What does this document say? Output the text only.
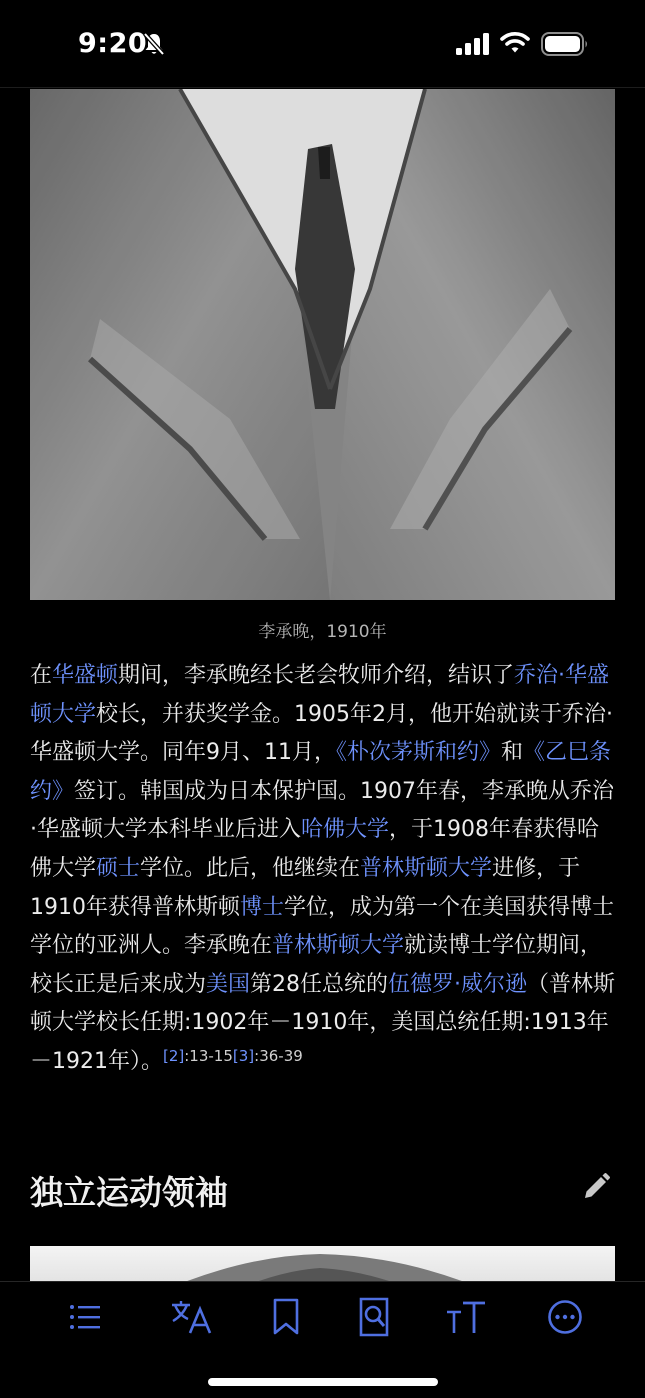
9:20
李承晚，1910年

在华盛顿期间，李承晚经长老会牧师介绍，结识了乔治·华盛顿大学校长，并获奖学金。1905年2月，他开始就读于乔治·华盛顿大学。同年9月、11月，《朴次茅斯和约》和《乙巳条约》签订。韩国成为日本保护国。1907年春，李承晚从乔治·华盛顿大学本科毕业后进入哈佛大学，于1908年春获得哈佛大学硕士学位。此后，他继续在普林斯顿大学进修，于1910年获得普林斯顿博士学位，成为第一个在美国获得博士学位的亚洲人。李承晚在普林斯顿大学就读博士学位期间，校长正是后来成为美国第28任总统的伍德罗·威尔逊（普林斯顿大学校长任期:1902年－1910年，美国总统任期:1913年－1921年）。$^{[2]:13-15[3]:36-39}$

独立运动领袖
